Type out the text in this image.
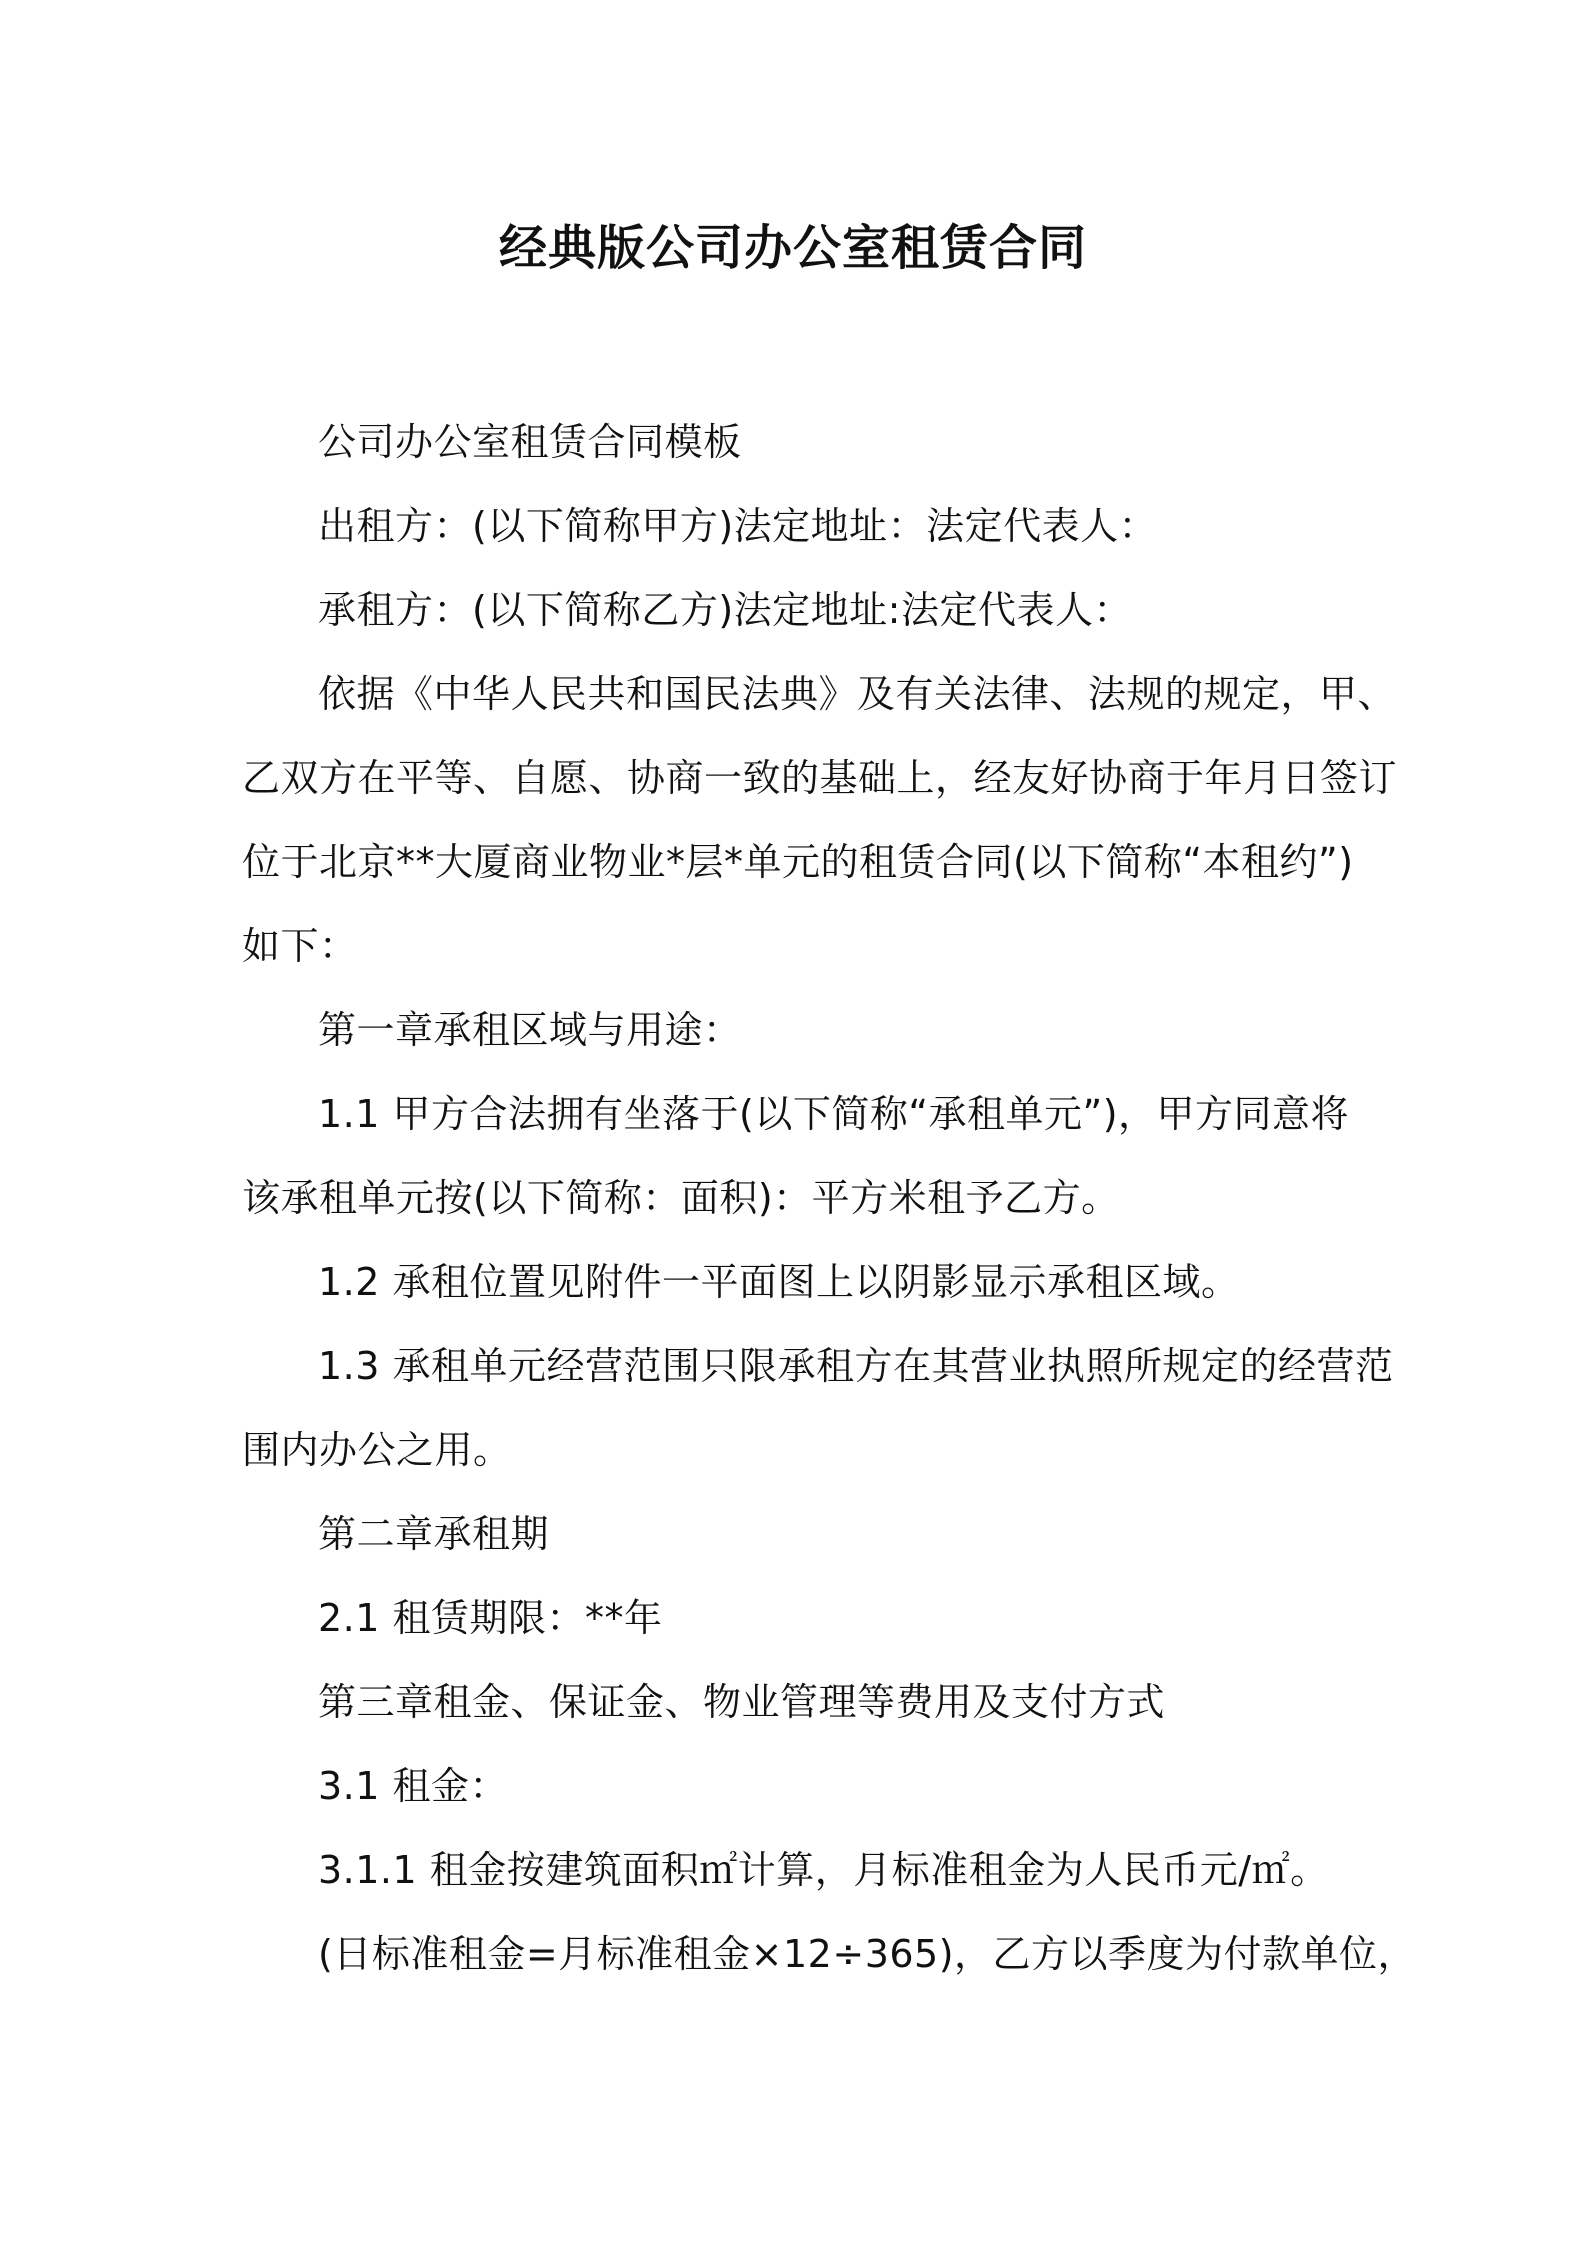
经典版公司办公室租赁合同

公司办公室租赁合同模板

出租方：(以下简称甲方)法定地址：法定代表人：

承租方：(以下简称乙方)法定地址:法定代表人：

依据《中华人民共和国民法典》及有关法律、法规的规定，甲、

乙双方在平等、自愿、协商一致的基础上，经友好协商于年月日签订

位于北京**大厦商业物业*层*单元的租赁合同(以下简称“本租约”)

如下：

第一章承租区域与用途：

1.1 甲方合法拥有坐落于(以下简称“承租单元”)，甲方同意将

该承租单元按(以下简称：面积)：平方米租予乙方。

1.2 承租位置见附件一平面图上以阴影显示承租区域。

1.3 承租单元经营范围只限承租方在其营业执照所规定的经营范

围内办公之用。

第二章承租期

2.1 租赁期限：**年

第三章租金、保证金、物业管理等费用及支付方式

3.1 租金：

3.1.1 租金按建筑面积㎡计算，月标准租金为人民币元/㎡。

(日标准租金=月标准租金×12÷365)，乙方以季度为付款单位，
